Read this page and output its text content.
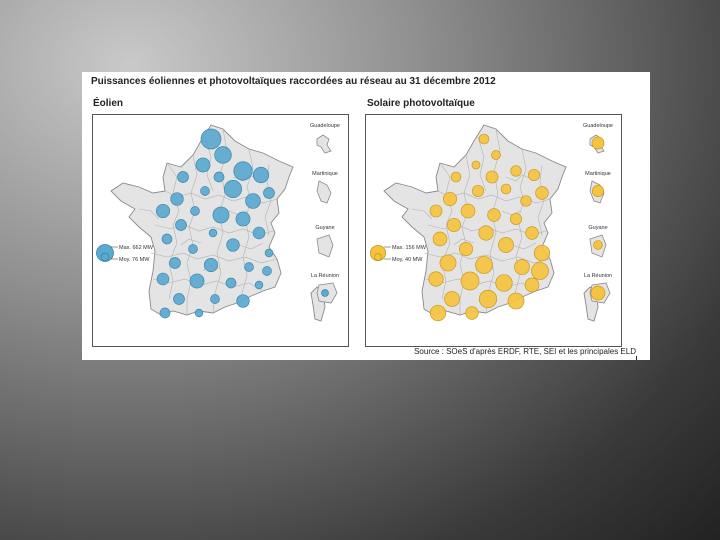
Puissances éoliennes et photovoltaïques raccordées au réseau au 31 décembre 2012
Éolien	Solaire photovoltaïque
Guadeloupe
Martinique
Guyane
La Réunion
Max. 662 MW
Moy. 76 MW
Guadeloupe
Martinique
Guyane
La Réunion
Max. 156 MW
Moy. 40 MW
Source : SOeS d'après ERDF, RTE, SEI et les principales ELD
